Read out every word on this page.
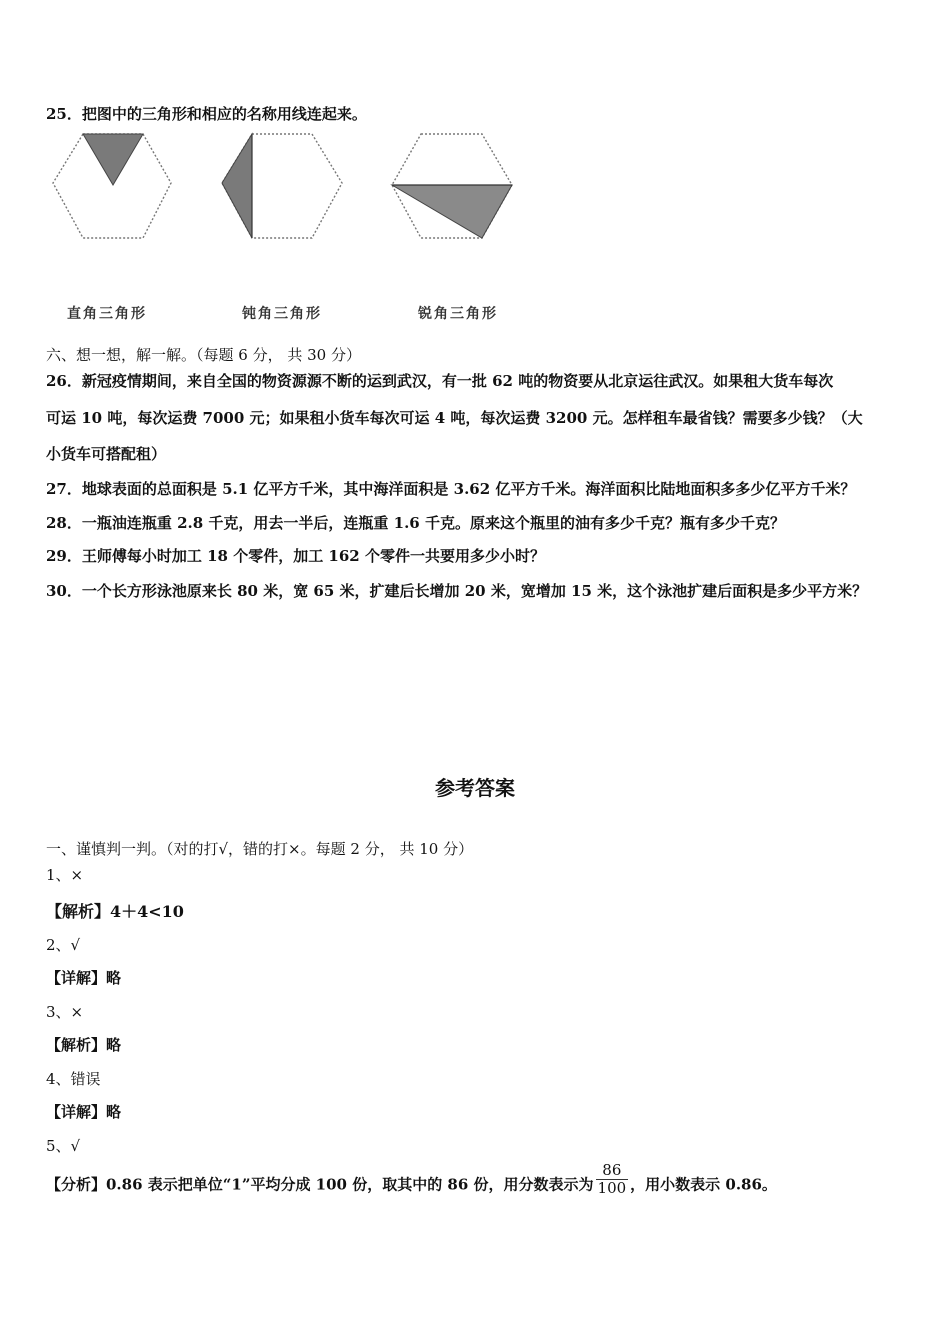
25．把图中的三角形和相应的名称用线连起来。
直角三角形	钝角三角形	锐角三角形
六、想一想，解一解。（每题 6 分， 共 30 分）
26．新冠疫情期间，来自全国的物资源源不断的运到武汉，有一批 62 吨的物资要从北京运往武汉。如果租大货车每次
可运 10 吨，每次运费 7000 元；如果租小货车每次可运 4 吨，每次运费 3200 元。怎样租车最省钱？需要多少钱？（大
小货车可搭配租）
27．地球表面的总面积是 5.1 亿平方千米，其中海洋面积是 3.62 亿平方千米。海洋面积比陆地面积多多少亿平方千米？
28．一瓶油连瓶重 2.8 千克，用去一半后，连瓶重 1.6 千克。原来这个瓶里的油有多少千克？瓶有多少千克？
29．王师傅每小时加工 18 个零件，加工 162 个零件一共要用多少小时？
30．一个长方形泳池原来长 80 米，宽 65 米，扩建后长增加 20 米，宽增加 15 米，这个泳池扩建后面积是多少平方米？
参考答案
一、谨慎判一判。（对的打√，错的打×。每题 2 分， 共 10 分）
1、×
【解析】4＋4<10
2、√
【详解】略
3、×
【解析】略
4、错误
【详解】略
5、√
【分析】0.86 表示把单位“1”平均分成 100 份，取其中的 86 份，用分数表示为 $\frac{86}{100}$ ，用小数表示 0.86。
